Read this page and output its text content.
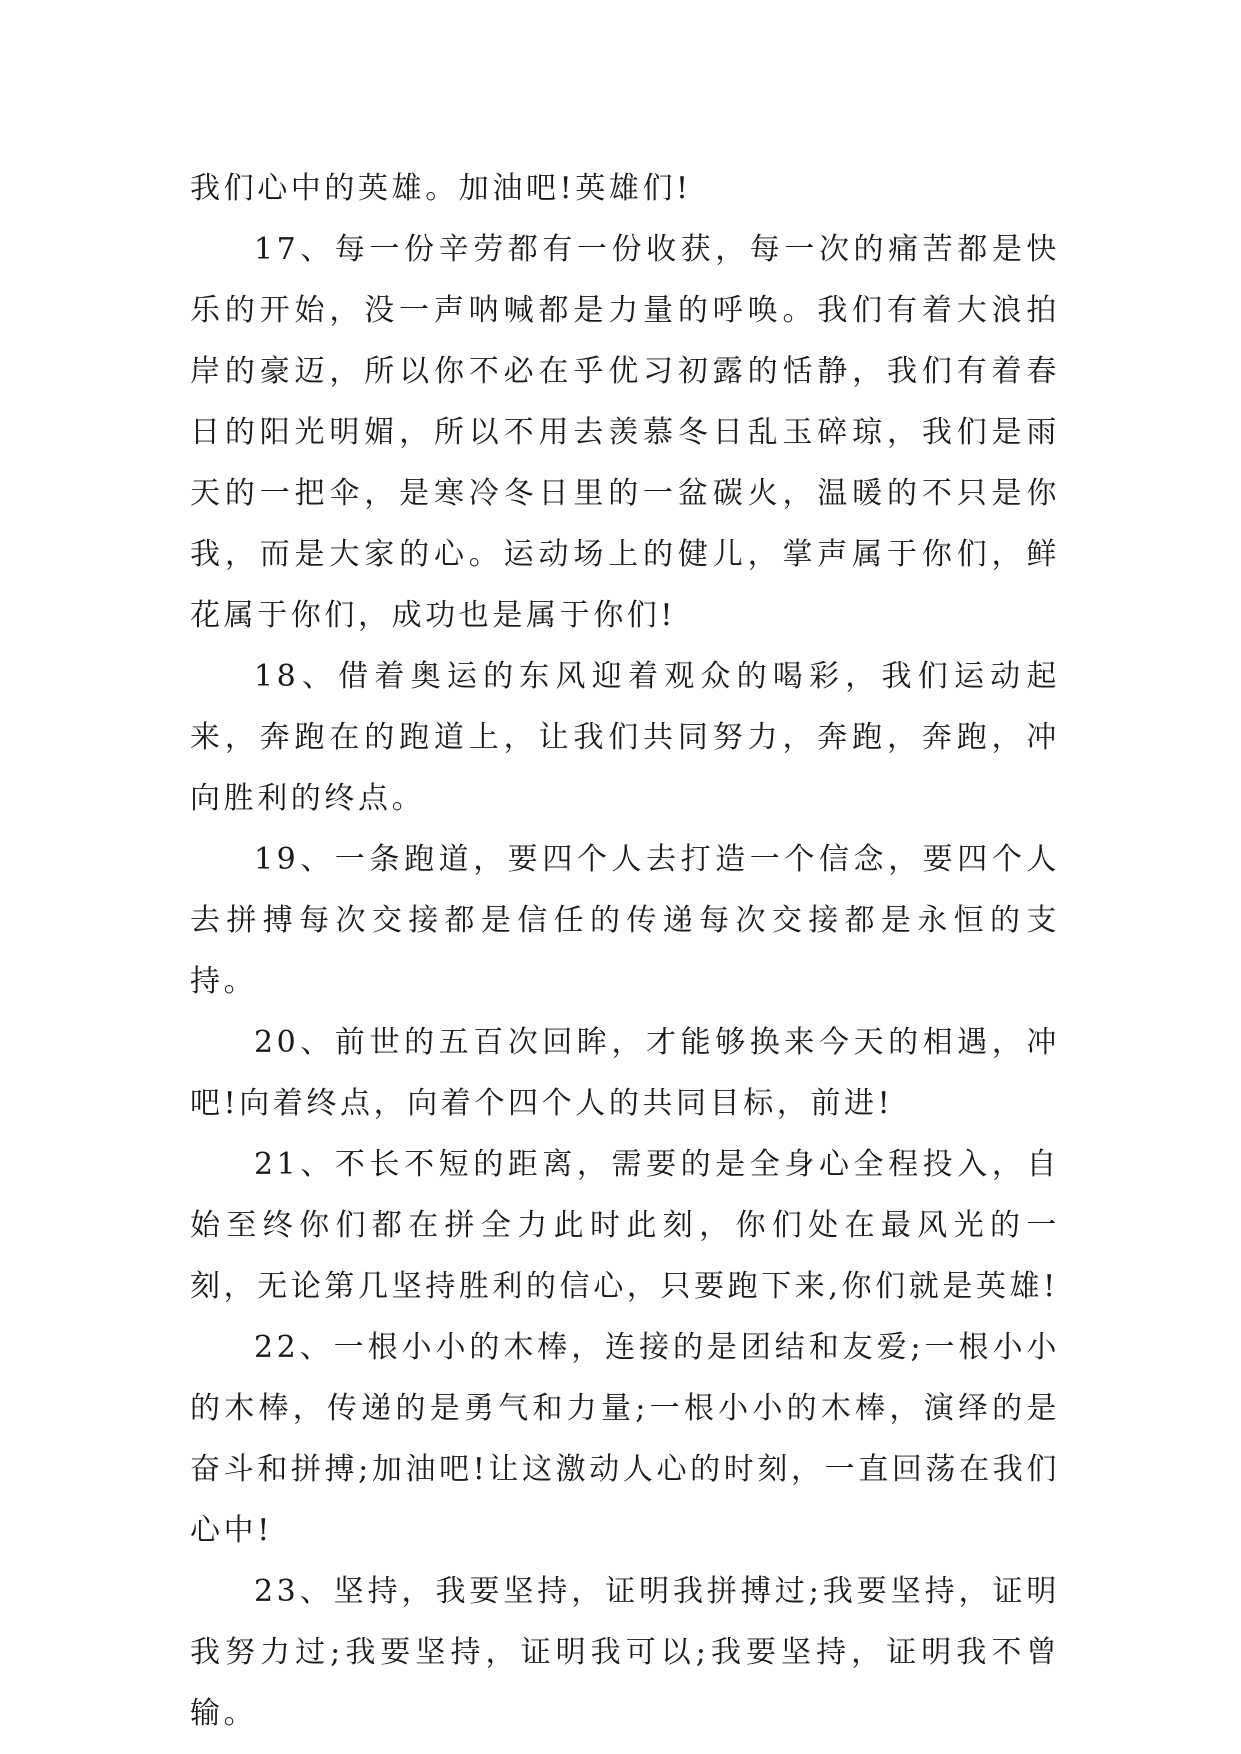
我们心中的英雄。加油吧!英雄们!

17、每一份辛劳都有一份收获，每一次的痛苦都是快乐的开始，没一声呐喊都是力量的呼唤。我们有着大浪拍岸的豪迈，所以你不必在乎优习初露的恬静，我们有着春日的阳光明媚，所以不用去羡慕冬日乱玉碎琼，我们是雨天的一把伞，是寒冷冬日里的一盆碳火，温暖的不只是你我，而是大家的心。运动场上的健儿，掌声属于你们，鲜花属于你们，成功也是属于你们!

18、借着奥运的东风迎着观众的喝彩，我们运动起来，奔跑在的跑道上，让我们共同努力，奔跑，奔跑，冲向胜利的终点。

19、一条跑道，要四个人去打造一个信念，要四个人去拼搏每次交接都是信任的传递每次交接都是永恒的支持。

20、前世的五百次回眸，才能够换来今天的相遇，冲吧!向着终点，向着个四个人的共同目标，前进!

21、不长不短的距离，需要的是全身心全程投入，自始至终你们都在拼全力此时此刻，你们处在最风光的一刻，无论第几坚持胜利的信心，只要跑下来,你们就是英雄!

22、一根小小的木棒，连接的是团结和友爱;一根小小的木棒，传递的是勇气和力量;一根小小的木棒，演绎的是奋斗和拼搏;加油吧!让这激动人心的时刻，一直回荡在我们心中!

23、坚持，我要坚持，证明我拼搏过;我要坚持，证明我努力过;我要坚持，证明我可以;我要坚持，证明我不曾输。
